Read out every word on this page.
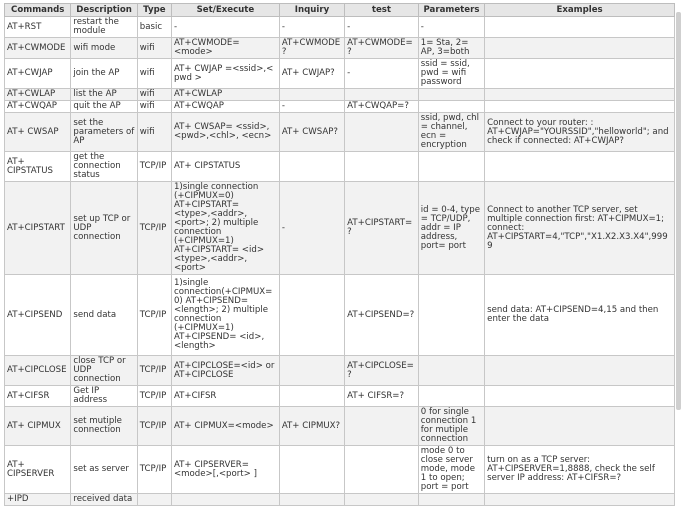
Commands	Description	Type	Set/Execute	Inquiry	test	Parameters	Examples
AT+RST	restart the module	basic	-	-	-	-	
AT+CWMODE	wifi mode	wifi	AT+CWMODE=<mode>	AT+CWMODE?	AT+CWMODE=?	1= Sta, 2= AP, 3=both	
AT+CWJAP	join the AP	wifi	AT+ CWJAP =<ssid>,< pwd >	AT+ CWJAP?	-	ssid = ssid, pwd = wifi password	
AT+CWLAP	list the AP	wifi	AT+CWLAP				
AT+CWQAP	quit the AP	wifi	AT+CWQAP	-	AT+CWQAP=?		
AT+ CWSAP	set the parameters of AP	wifi	AT+ CWSAP= <ssid>,<pwd>,<chl>, <ecn>	AT+ CWSAP?		ssid, pwd, chl = channel, ecn = encryption	Connect to your router: : AT+CWJAP="YOURSSID","helloworld"; and check if connected: AT+CWJAP?
AT+ CIPSTATUS	get the connection status	TCP/IP	AT+ CIPSTATUS				
AT+CIPSTART	set up TCP or UDP connection	TCP/IP	1)single connection (+CIPMUX=0) AT+CIPSTART= <type>,<addr>,<port>; 2) multiple connection (+CIPMUX=1) AT+CIPSTART= <id><type>,<addr>, <port>	-	AT+CIPSTART=?	id = 0-4, type = TCP/UDP, addr = IP address, port= port	Connect to another TCP server, set multiple connection first: AT+CIPMUX=1; connect: AT+CIPSTART=4,"TCP","X1.X2.X3.X4",9999
AT+CIPSEND	send data	TCP/IP	1)single connection(+CIPMUX=0) AT+CIPSEND=<length>; 2) multiple connection (+CIPMUX=1) AT+CIPSEND= <id>,<length>		AT+CIPSEND=?		send data: AT+CIPSEND=4,15 and then enter the data
AT+CIPCLOSE	close TCP or UDP connection	TCP/IP	AT+CIPCLOSE=<id> or AT+CIPCLOSE		AT+CIPCLOSE=?		
AT+CIFSR	Get IP address	TCP/IP	AT+CIFSR		AT+ CIFSR=?		
AT+ CIPMUX	set mutiple connection	TCP/IP	AT+ CIPMUX=<mode>	AT+ CIPMUX?		0 for single connection 1 for mutiple connection	
AT+ CIPSERVER	set as server	TCP/IP	AT+ CIPSERVER= <mode>[,<port> ]			mode 0 to close server mode, mode 1 to open; port = port	turn on as a TCP server: AT+CIPSERVER=1,8888, check the self server IP address: AT+CIFSR=?
+IPD	received data						
